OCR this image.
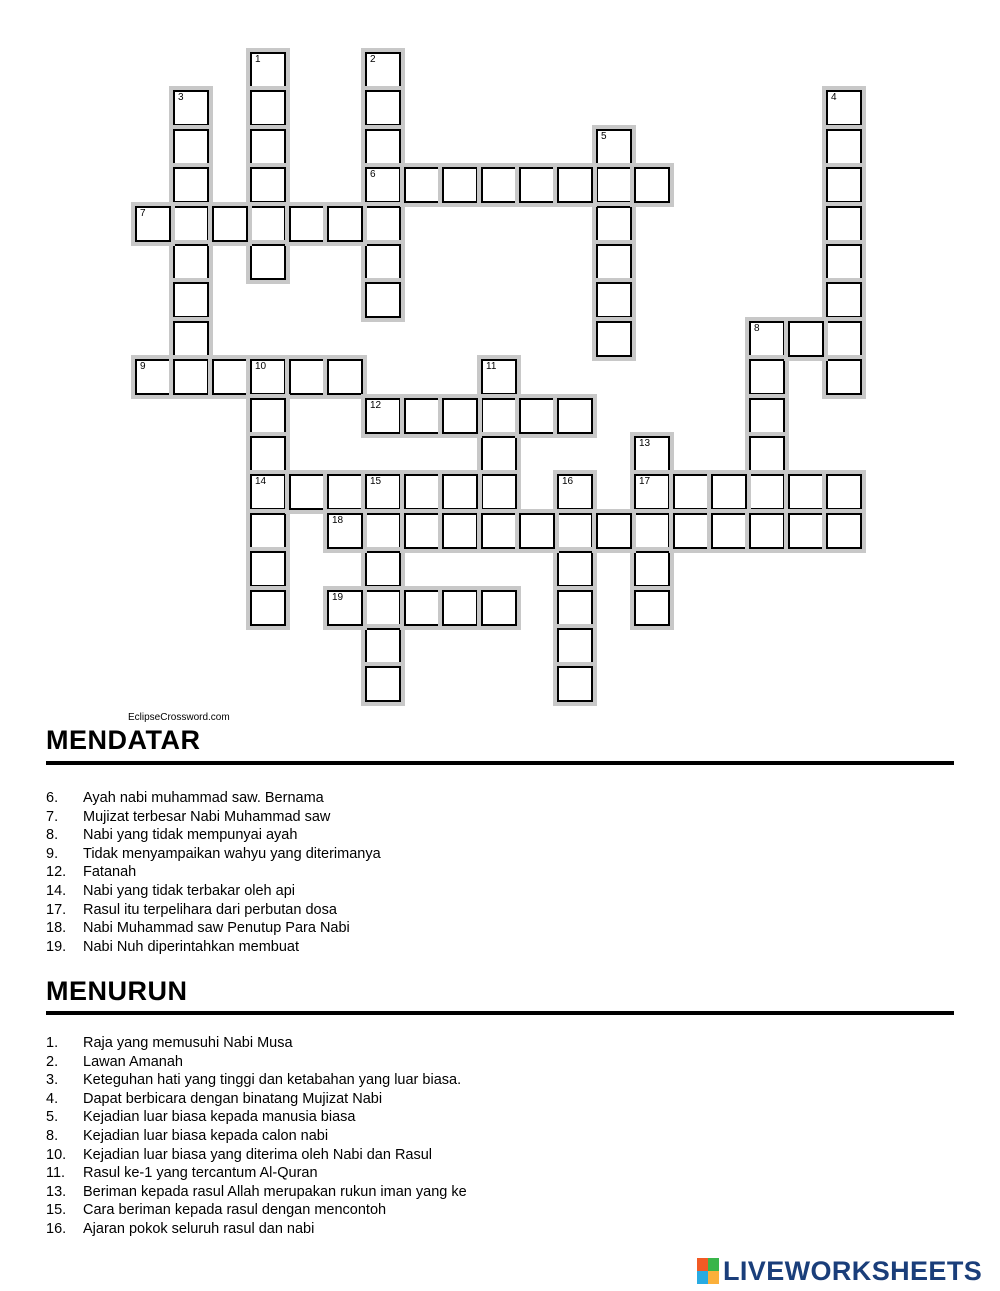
1	2
6
3	4
5
7
8
9	10
14
11
12
13
17
15	16
18
19
EclipseCrossword.com
MENDATAR
6. Ayah nabi muhammad saw. Bernama
7. Mujizat terbesar Nabi Muhammad saw
8. Nabi yang tidak mempunyai ayah
9. Tidak menyampaikan wahyu yang diterimanya
12. Fatanah
14. Nabi yang tidak terbakar oleh api
17. Rasul itu terpelihara dari perbutan dosa
18. Nabi Muhammad saw Penutup Para Nabi
19. Nabi Nuh diperintahkan membuat
MENURUN
1. Raja yang memusuhi Nabi Musa
2. Lawan Amanah
3. Keteguhan hati yang tinggi dan ketabahan yang luar biasa.
4. Dapat berbicara dengan binatang Mujizat Nabi
5. Kejadian luar biasa kepada manusia biasa
8. Kejadian luar biasa kepada calon nabi
10. Kejadian luar biasa yang diterima oleh Nabi dan Rasul
11. Rasul ke-1 yang tercantum Al-Quran
13. Beriman kepada rasul Allah merupakan rukun iman yang ke
15. Cara beriman kepada rasul dengan mencontoh
16. Ajaran pokok seluruh rasul dan nabi
LIVEWORKSHEETS
